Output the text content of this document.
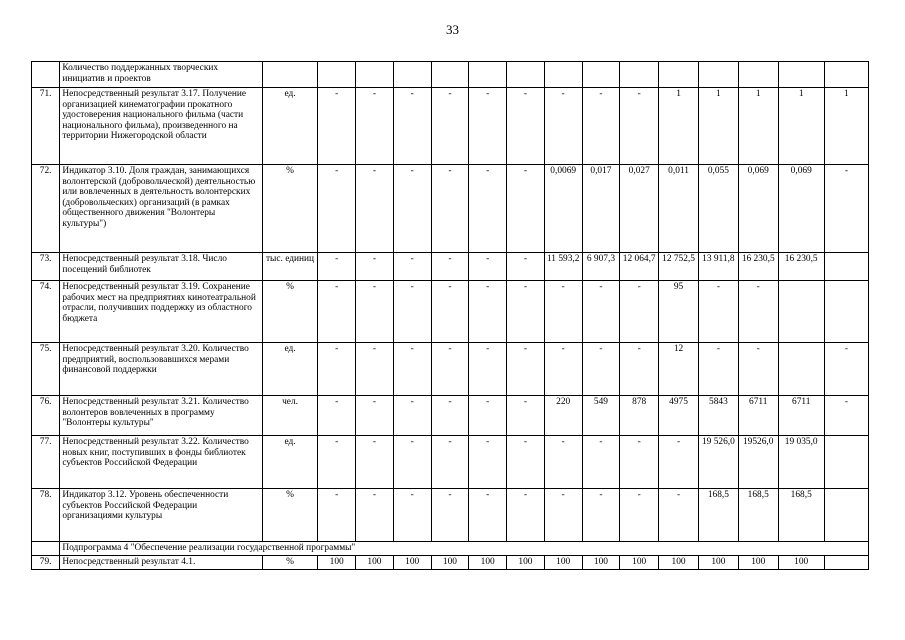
33
	Количество поддержанных творческих инициатив и проектов															
71.	Непосредственный результат 3.17. Получение организацией кинематографии прокатного удостоверения национального фильма (части национального фильма), произведенного на территории Нижегородской области	ед.	-	-	-	-	-	-	-	-	-	1	1	1	1	1
72.	Индикатор 3.10. Доля граждан, занимающихся волонтерской (добровольческой) деятельностью или вовлеченных в деятельность волонтерских (добровольческих) организаций (в рамках общественного движения "Волонтеры культуры")	%	-	-	-	-	-	-	0,0069	0,017	0,027	0,011	0,055	0,069	0,069	-
73.	Непосредственный результат 3.18. Число посещений библиотек	тыс. единиц	-	-	-	-	-	-	11 593,2	6 907,3	12 064,7	12 752,5	13 911,8	16 230,5	16 230,5	
74.	Непосредственный результат 3.19. Сохранение рабочих мест на предприятиях кинотеатральной отрасли, получивших поддержку из областного бюджета	%	-	-	-	-	-	-	-	-	-	95	-	-		
75.	Непосредственный результат 3.20. Количество предприятий, воспользовавшихся мерами финансовой поддержки	ед.	-	-	-	-	-	-	-	-	-	12	-	-		-
76.	Непосредственный результат 3.21. Количество волонтеров вовлеченных в программу "Волонтеры культуры"	чел.	-	-	-	-	-	-	220	549	878	4975	5843	6711	6711	-
77.	Непосредственный результат 3.22. Количество новых книг, поступивших в фонды библиотек субъектов Российской Федерации	ед.	-	-	-	-	-	-	-	-	-	-	19 526,0	19526,0	19 035,0	
78.	Индикатор 3.12. Уровень обеспеченности субъектов Российской Федерации организациями культуры	%	-	-	-	-	-	-	-	-	-	-	168,5	168,5	168,5	
	Подпрограмма 4 "Обеспечение реализации государственной программы"															
79.	Непосредственный результат 4.1.	%	100	100	100	100	100	100	100	100	100	100	100	100	100	
